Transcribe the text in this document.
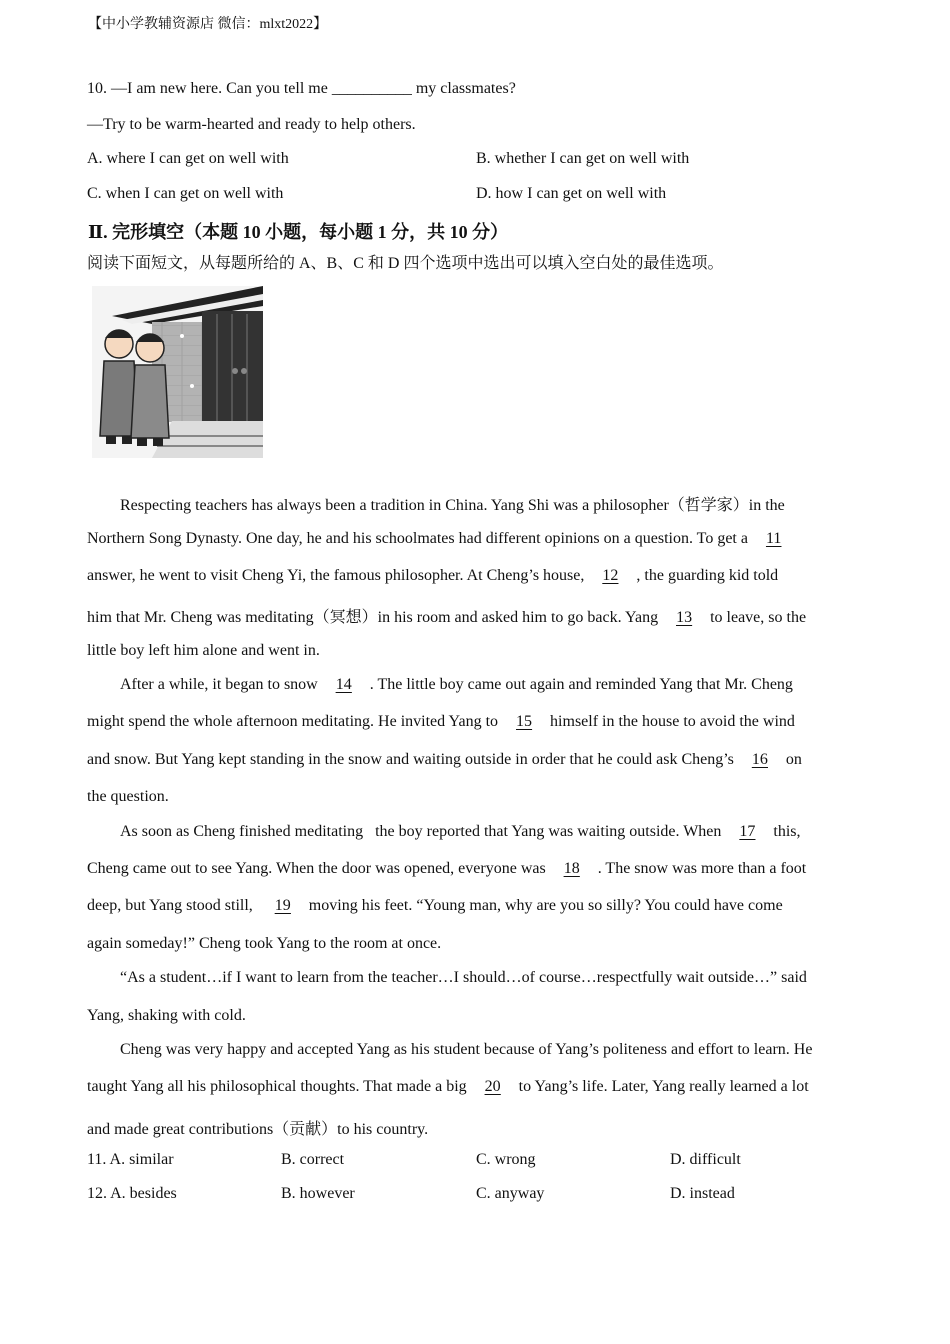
【中小学教辅资源店 微信：mlxt2022】
10. —I am new here. Can you tell me __________ my classmates?
—Try to be warm-hearted and ready to help others.
A. where I can get on well with	B. whether I can get on well with
C. when I can get on well with	D. how I can get on well with
Ⅱ. 完形填空（本题 10 小题，每小题 1 分，共 10 分）
阅读下面短文，从每题所给的 A、B、C 和 D 四个选项中选出可以填入空白处的最佳选项。
Respecting teachers has always been a tradition in China. Yang Shi was a philosopher（哲学家）in the
Northern Song Dynasty. One day, he and his schoolmates had different opinions on a question. To get a 11
answer, he went to visit Cheng Yi, the famous philosopher. At Cheng’s house, 12 , the guarding kid told
him that Mr. Cheng was meditating（冥想）in his room and asked him to go back. Yang 13 to leave, so the
little boy left him alone and went in.
After a while, it began to snow 14 . The little boy came out again and reminded Yang that Mr. Cheng
might spend the whole afternoon meditating. He invited Yang to 15 himself in the house to avoid the wind
and snow. But Yang kept standing in the snow and waiting outside in order that he could ask Cheng’s 16 on
the question.
As soon as Cheng finished meditating   the boy reported that Yang was waiting outside. When 17 this,
Cheng came out to see Yang. When the door was opened, everyone was 18 . The snow was more than a foot
deep, but Yang stood still,  19 moving his feet. “Young man, why are you so silly? You could have come
again someday!” Cheng took Yang to the room at once.
“As a student…if I want to learn from the teacher…I should…of course…respectfully wait outside…” said
Yang, shaking with cold.
Cheng was very happy and accepted Yang as his student because of Yang’s politeness and effort to learn. He
taught Yang all his philosophical thoughts. That made a big 20 to Yang’s life. Later, Yang really learned a lot
and made great contributions（贡献）to his country.
11. A. similar	B. correct	C. wrong	D. difficult
12. A. besides	B. however	C. anyway	D. instead
